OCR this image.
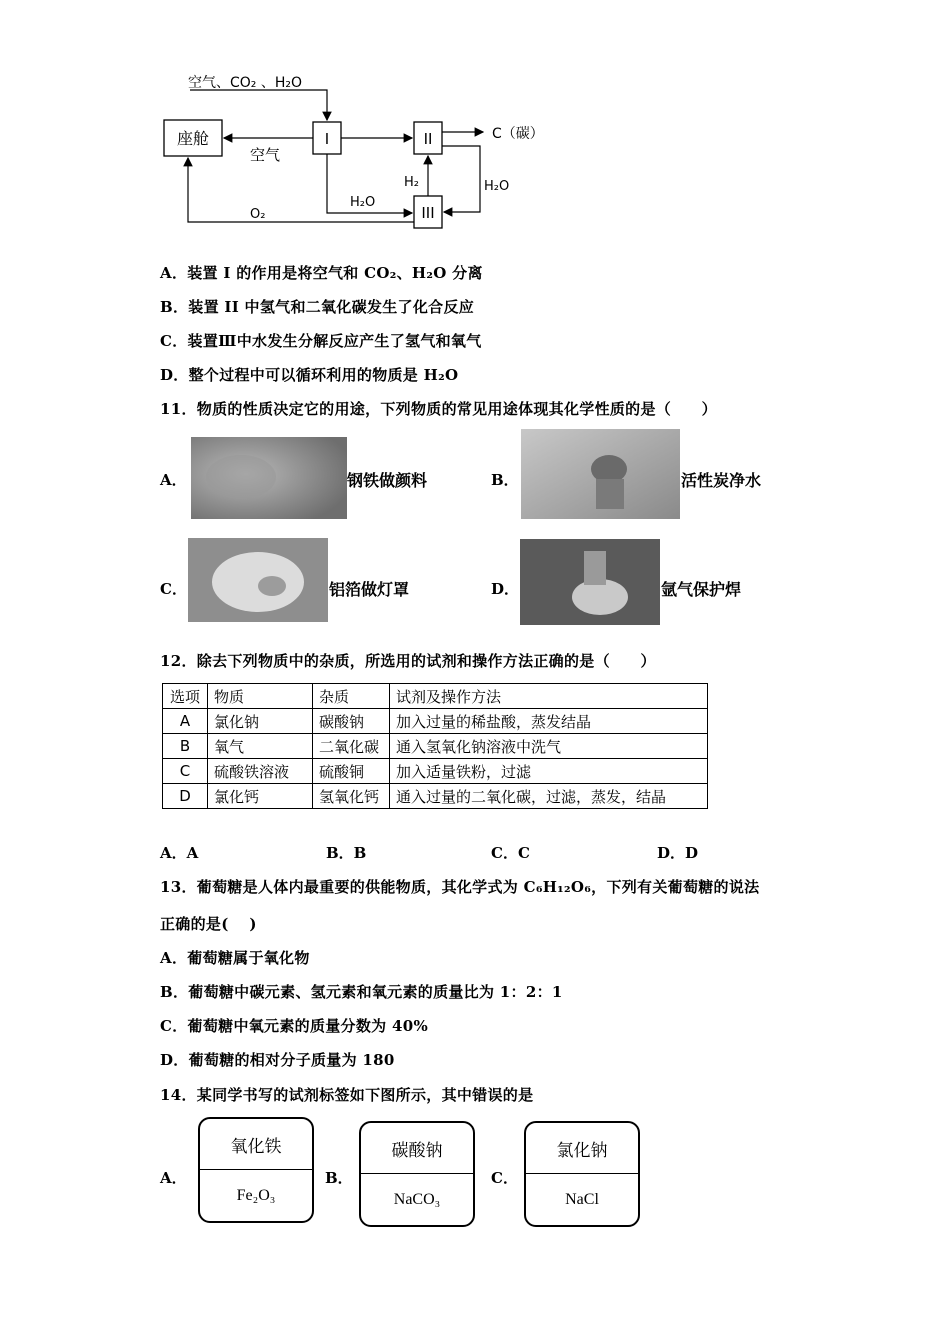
座舱	I	II
III
空气、CO₂ 、H₂O
空气
C（碳）
H₂O
H₂	H₂O
O₂
A．装置 I 的作用是将空气和 CO₂、H₂O 分离
B．装置 II 中氢气和二氧化碳发生了化合反应
C．装置Ⅲ中水发生分解反应产生了氢气和氧气
D．整个过程中可以循环利用的物质是 H₂O
11．物质的性质决定它的用途，下列物质的常见用途体现其化学性质的是（　　）
A．	钢铁做颜料	B．	活性炭净水
C．	铝箔做灯罩	D．	氩气保护焊
12．除去下列物质中的杂质，所选用的试剂和操作方法正确的是（　　）
选项	物质	杂质	试剂及操作方法
A	氯化钠	碳酸钠	加入过量的稀盐酸，蒸发结晶
B	氧气	二氧化碳	通入氢氧化钠溶液中洗气
C	硫酸铁溶液	硫酸铜	加入适量铁粉，过滤
D	氯化钙	氢氧化钙	通入过量的二氧化碳，过滤，蒸发，结晶
A．A	B．B	C．C	D．D
13．葡萄糖是人体内最重要的供能物质，其化学式为 C₆H₁₂O₆，下列有关葡萄糖的说法
正确的是(　 )
A．葡萄糖属于氧化物
B．葡萄糖中碳元素、氢元素和氧元素的质量比为 1：2：1
C．葡萄糖中氧元素的质量分数为 40%
D．葡萄糖的相对分子质量为 180
14．某同学书写的试剂标签如下图所示，其中错误的是
A．
氧化铁
Fe₂O₃
B．
碳酸钠
NaCO₃
C．
氯化钠
NaCl
